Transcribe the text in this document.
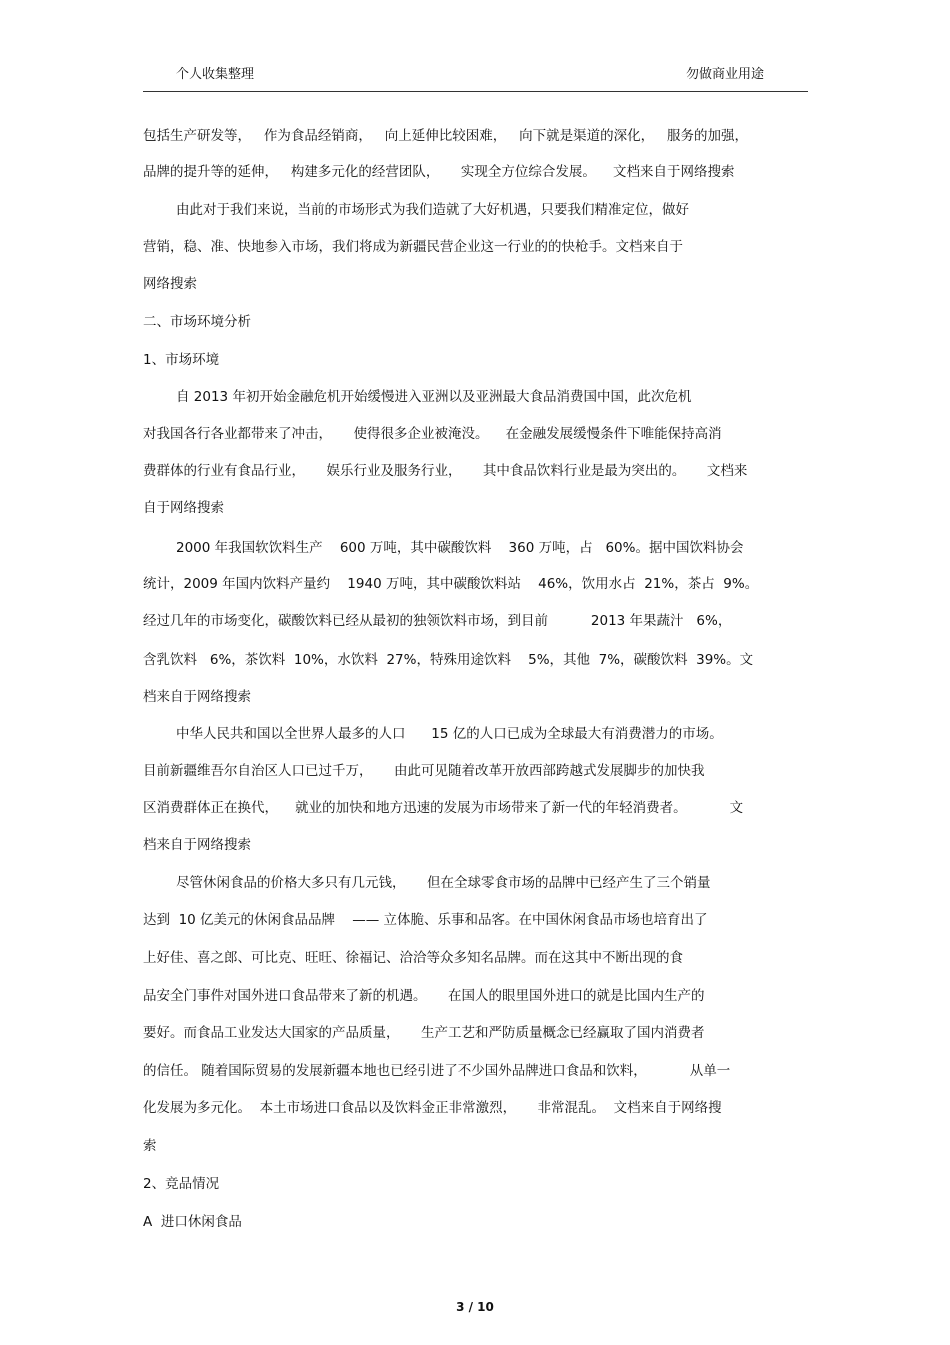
个人收集整理	勿做商业用途
包括生产研发等，   作为食品经销商，   向上延伸比较困难，   向下就是渠道的深化，   服务的加强，
品牌的提升等的延伸，   构建多元化的经营团队，     实现全方位综合发展。    文档来自于网络搜索
由此对于我们来说，当前的市场形式为我们造就了大好机遇，只要我们精准定位，做好
营销，稳、准、快地参入市场，我们将成为新疆民营企业这一行业的的快枪手。文档来自于
网络搜索
二、市场环境分析
1、市场环境
自 2013 年初开始金融危机开始缓慢进入亚洲以及亚洲最大食品消费国中国，此次危机
对我国各行各业都带来了冲击，     使得很多企业被淹没。    在金融发展缓慢条件下唯能保持高消
费群体的行业有食品行业，     娱乐行业及服务行业，     其中食品饮料行业是最为突出的。     文档来
自于网络搜索
2000 年我国软饮料生产    600 万吨，其中碳酸饮料    360 万吨，占   60%。据中国饮料协会
统计，2009 年国内饮料产量约    1940 万吨，其中碳酸饮料站    46%，饮用水占  21%，茶占  9%。
经过几年的市场变化，碳酸饮料已经从最初的独领饮料市场，到目前          2013 年果蔬汁   6%，
含乳饮料   6%，茶饮料  10%，水饮料  27%，特殊用途饮料    5%，其他  7%，碳酸饮料  39%。文
档来自于网络搜索
中华人民共和国以全世界人最多的人口      15 亿的人口已成为全球最大有消费潜力的市场。
目前新疆维吾尔自治区人口已过千万，     由此可见随着改革开放西部跨越式发展脚步的加快我
区消费群体正在换代，    就业的加快和地方迅速的发展为市场带来了新一代的年轻消费者。          文
档来自于网络搜索
尽管休闲食品的价格大多只有几元钱，     但在全球零食市场的品牌中已经产生了三个销量
达到  10 亿美元的休闲食品品牌    —— 立体脆、乐事和品客。在中国休闲食品市场也培育出了
上好佳、喜之郎、可比克、旺旺、徐福记、洽洽等众多知名品牌。而在这其中不断出现的食
品安全门事件对国外进口食品带来了新的机遇。     在国人的眼里国外进口的就是比国内生产的
要好。而食品工业发达大国家的产品质量，     生产工艺和严防质量概念已经赢取了国内消费者
的信任。 随着国际贸易的发展新疆本地也已经引进了不少国外品牌进口食品和饮料，          从单一
化发展为多元化。  本土市场进口食品以及饮料金正非常激烈，     非常混乱。  文档来自于网络搜
索
2、竞品情况
A  进口休闲食品
3 / 10
